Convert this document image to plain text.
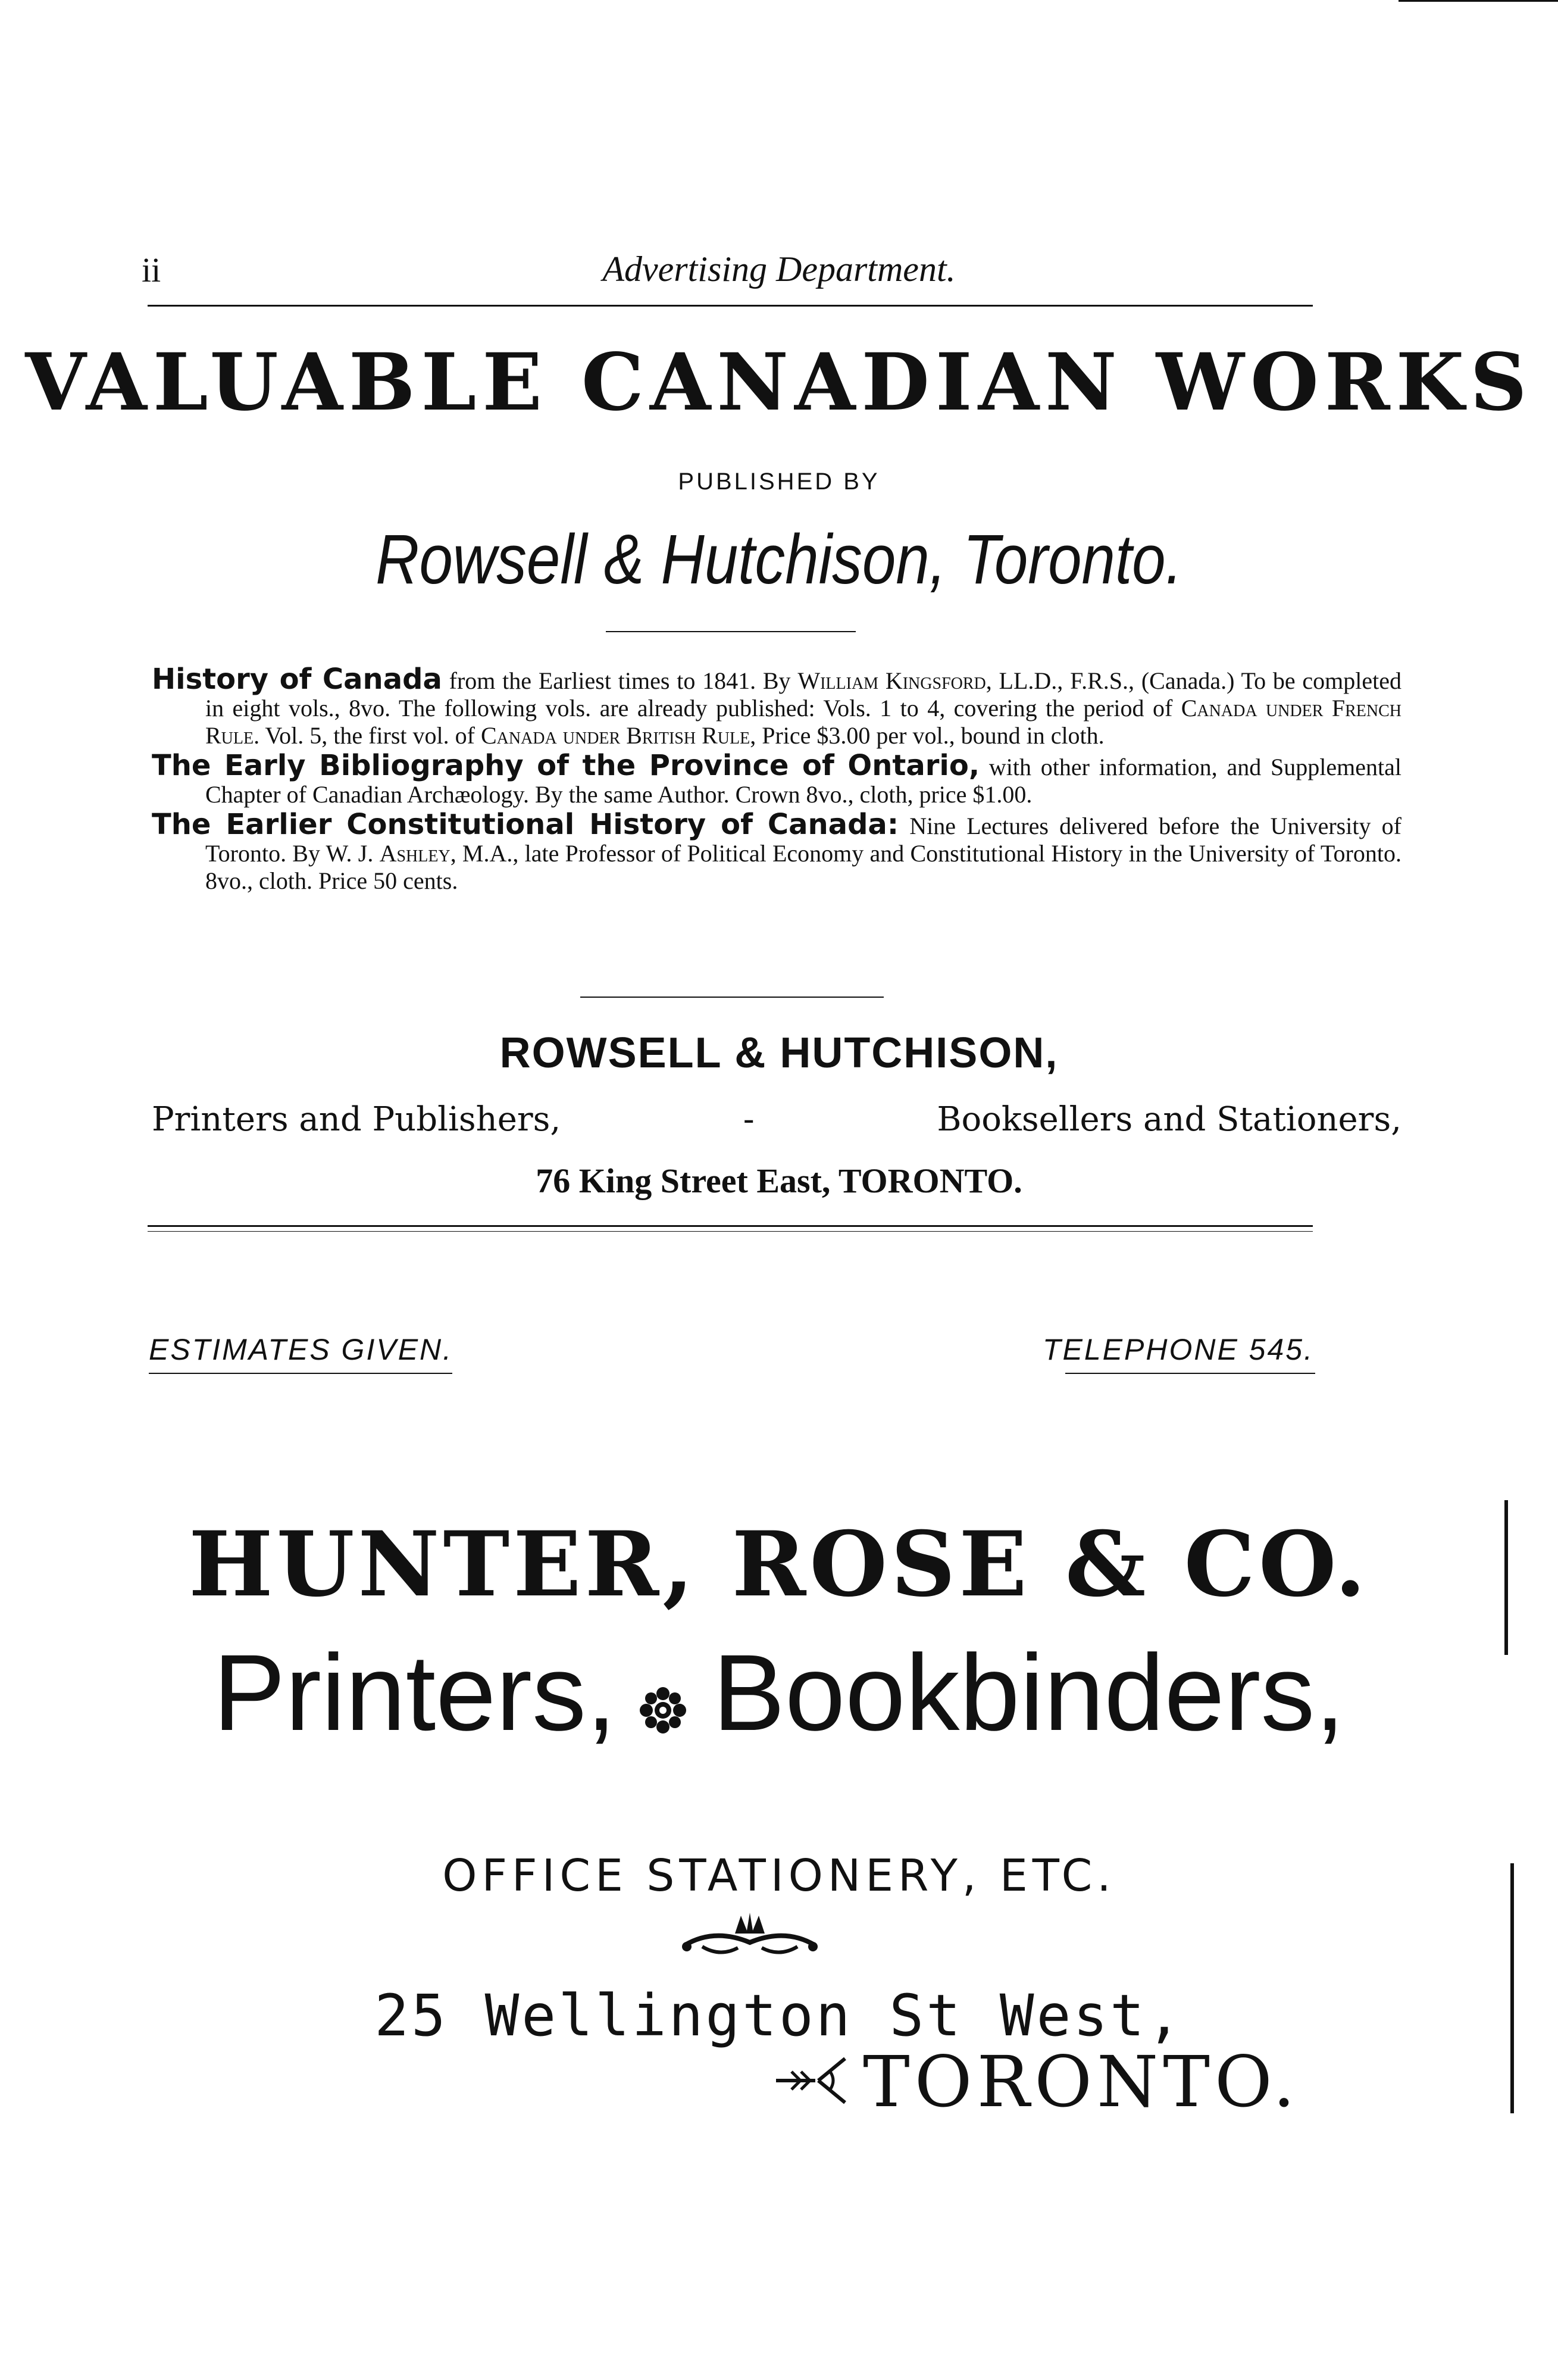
ii	Advertising Department.
VALUABLE CANADIAN WORKS
PUBLISHED BY
Rowsell & Hutchison, Toronto.
History of Canada from the Earliest times to 1841. By William Kingsford, LL.D., F.R.S., (Canada.) To be completed in eight vols., 8vo. The following vols. are already published: Vols. 1 to 4, covering the period of Canada under French Rule. Vol. 5, the first vol. of Canada under British Rule, Price $3.00 per vol., bound in cloth.
The Early Bibliography of the Province of Ontario, with other information, and Supplemental Chapter of Canadian Archæology. By the same Author. Crown 8vo., cloth, price $1.00.
The Earlier Constitutional History of Canada: Nine Lectures delivered before the University of Toronto. By W. J. Ashley, M.A., late Professor of Political Economy and Constitutional History in the University of Toronto. 8vo., cloth. Price 50 cents.
ROWSELL & HUTCHISON,
Printers and Publishers,	-	Booksellers and Stationers,
76 King Street East, TORONTO.
ESTIMATES GIVEN.	TELEPHONE 545.
HUNTER, ROSE & CO.
Printers, Bookbinders,
OFFICE STATIONERY, ETC.
25 Wellington St West,
TORONTO.
